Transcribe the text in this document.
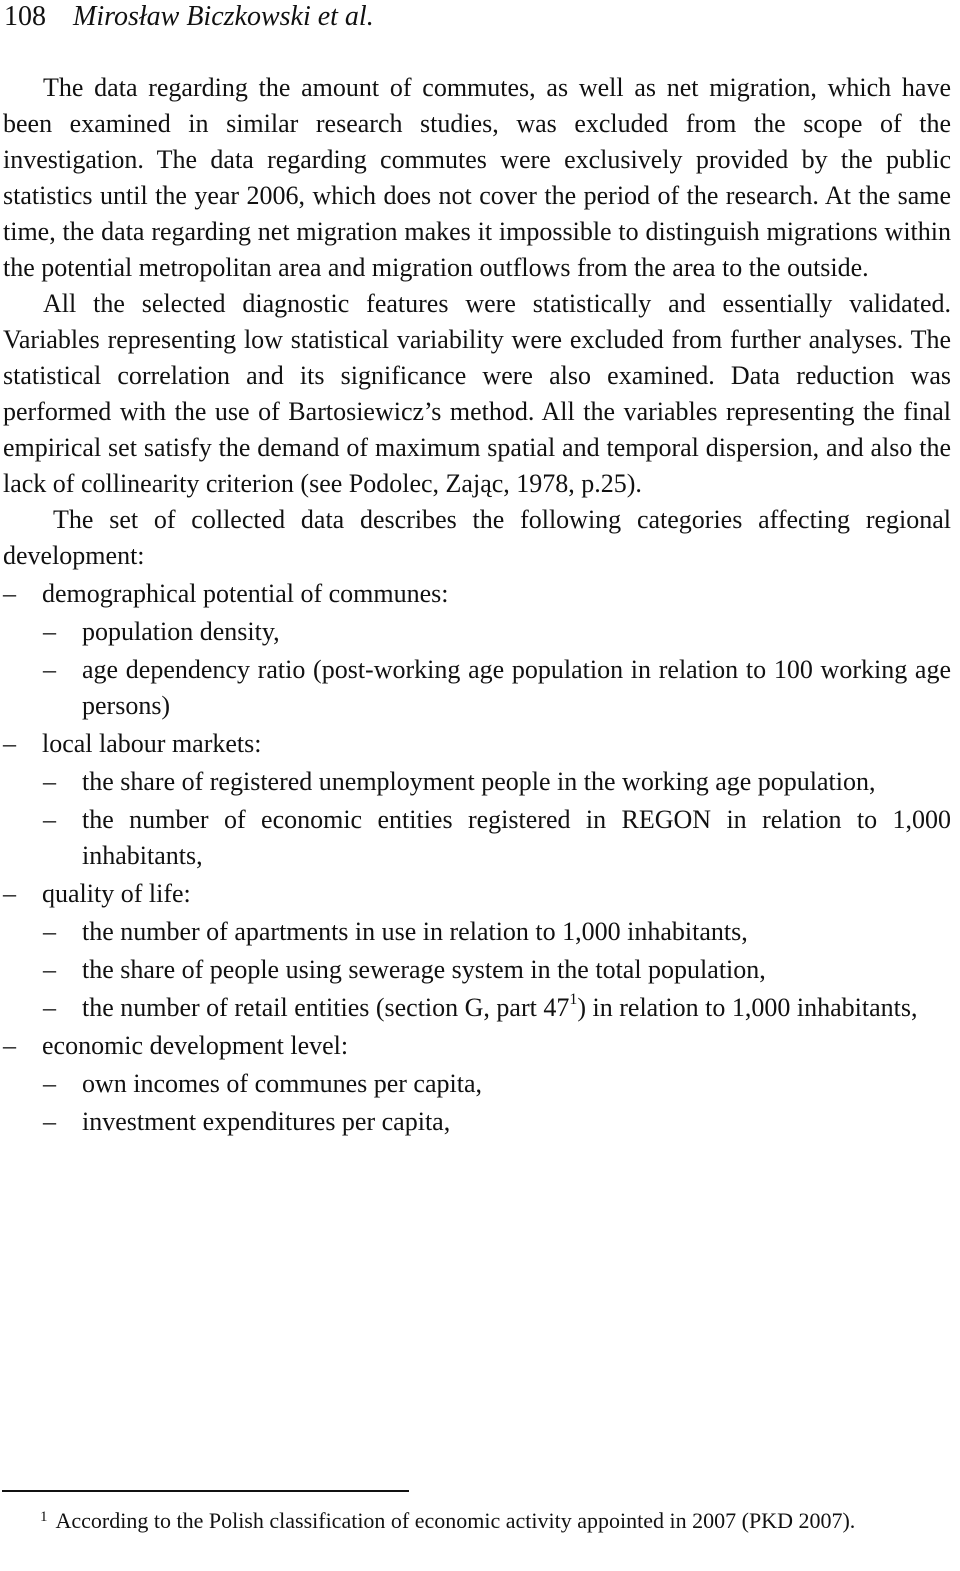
108 Mirosław Biczkowski et al.

The data regarding the amount of commutes, as well as net migration, which have been examined in similar research studies, was excluded from the scope of the investigation. The data regarding commutes were exclusively provided by the public statistics until the year 2006, which does not cover the period of the research. At the same time, the data regarding net migration makes it impossible to distinguish migrations within the potential metropolitan area and migration outflows from the area to the outside.

All the selected diagnostic features were statistically and essentially validated. Variables representing low statistical variability were excluded from further analyses. The statistical correlation and its significance were also examined. Data reduction was performed with the use of Bartosiewicz’s method. All the variables representing the final empirical set satisfy the demand of maximum spatial and temporal dispersion, and also the lack of collinearity criterion (see Podolec, Zając, 1978, p.25).

The set of collected data describes the following categories affecting regional development:

– demographical potential of communes:
– population density,
– age dependency ratio (post-working age population in relation to 100 working age persons)
– local labour markets:
– the share of registered unemployment people in the working age population,
– the number of economic entities registered in REGON in relation to 1,000 inhabitants,
– quality of life:
– the number of apartments in use in relation to 1,000 inhabitants,
– the share of people using sewerage system in the total population,
– the number of retail entities (section G, part $47^1$) in relation to 1,000 inhabitants,
– economic development level:
– own incomes of communes per capita,
– investment expenditures per capita,
$^1$ According to the Polish classification of economic activity appointed in 2007 (PKD 2007).
